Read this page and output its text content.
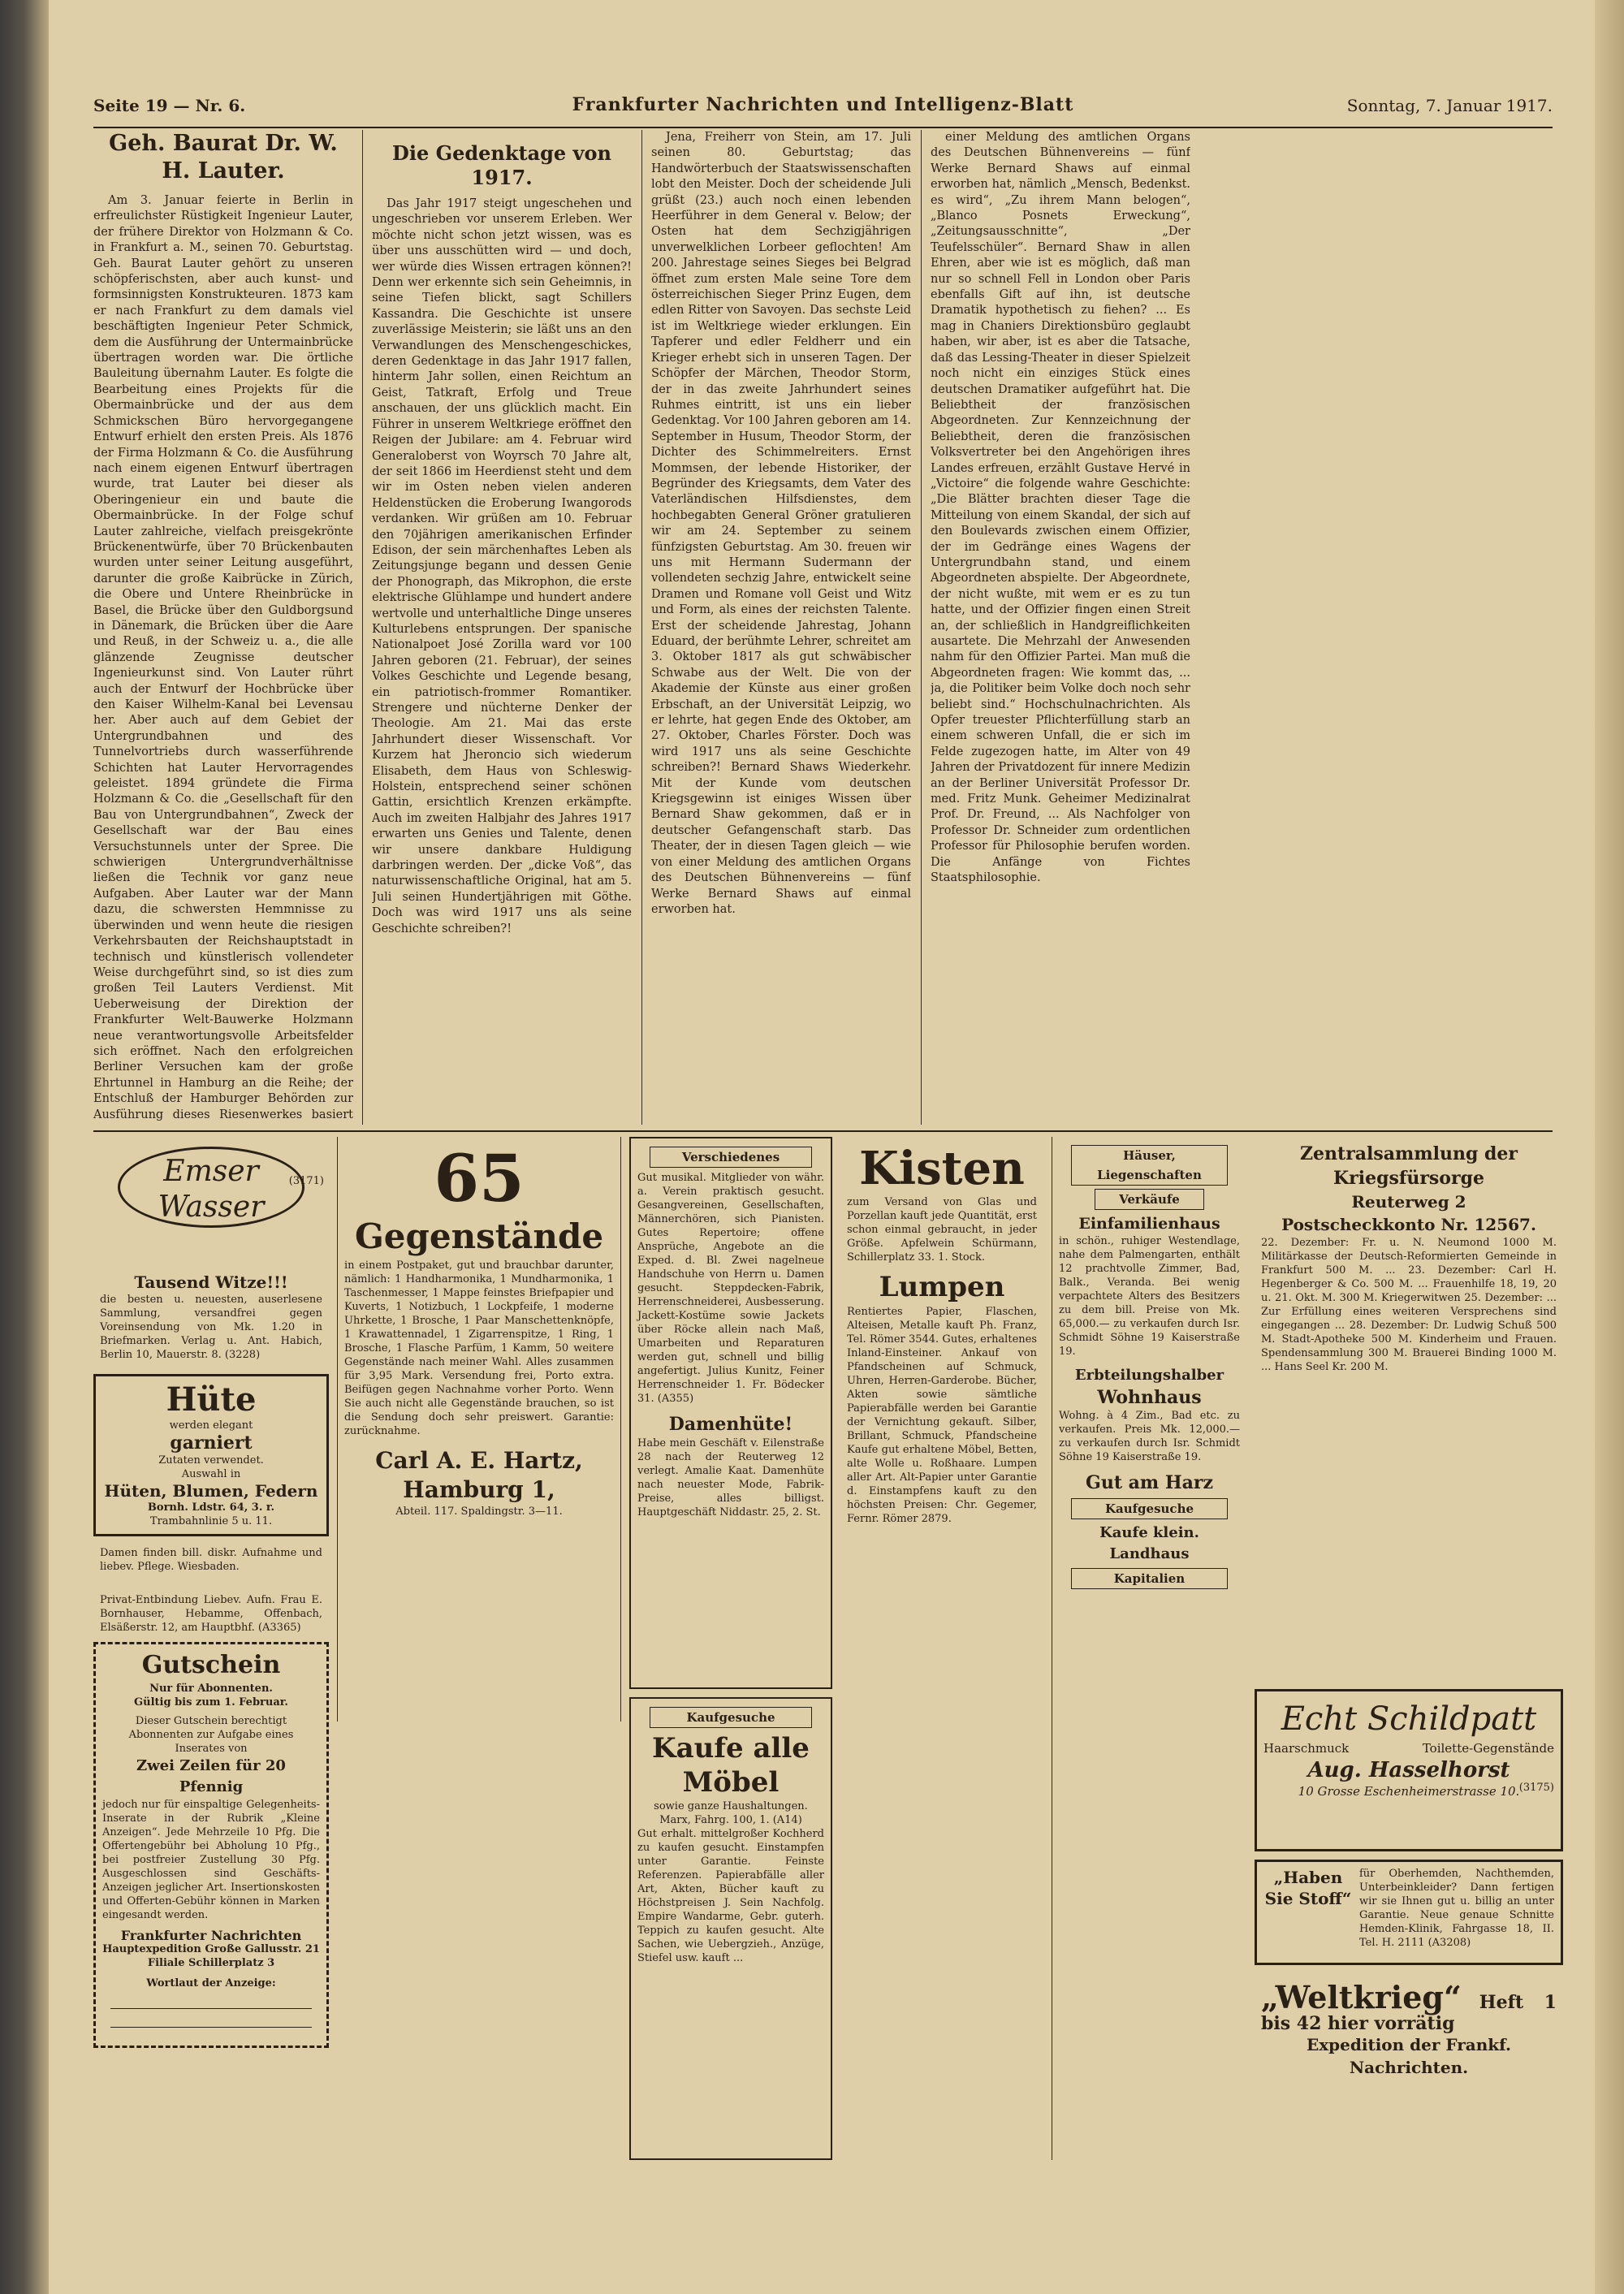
Seite 19 — Nr. 6.	Frankfurter Nachrichten und Intelligenz-Blatt	Sonntag, 7. Januar 1917.
Geh. Baurat Dr. W. H. Lauter.

Am 3. Januar feierte in Berlin in erfreulichster Rüstigkeit Ingenieur Lauter, der frühere Direktor von Holzmann & Co. in Frankfurt a. M., seinen 70. Geburtstag. Geh. Baurat Lauter gehört zu unseren schöpferischsten, aber auch kunst- und formsinnigsten Konstrukteuren. 1873 kam er nach Frankfurt zu dem damals viel beschäftigten Ingenieur Peter Schmick, dem die Ausführung der Untermainbrücke übertragen worden war. Die örtliche Bauleitung übernahm Lauter. Es folgte die Bearbeitung eines Projekts für die Obermainbrücke und der aus dem Schmickschen Büro hervorgegangene Entwurf erhielt den ersten Preis. Als 1876 der Firma Holzmann & Co. die Ausführung nach einem eigenen Entwurf übertragen wurde, trat Lauter bei dieser als Oberingenieur ein und baute die Obermainbrücke. In der Folge schuf Lauter zahlreiche, vielfach preisgekrönte Brückenentwürfe, über 70 Brückenbauten wurden unter seiner Leitung ausgeführt, darunter die große Kaibrücke in Zürich, die Obere und Untere Rheinbrücke in Basel, die Brücke über den Guldborgsund in Dänemark, die Brücken über die Aare und Reuß, in der Schweiz u. a., die alle glänzende Zeugnisse deutscher Ingenieurkunst sind. Von Lauter rührt auch der Entwurf der Hochbrücke über den Kaiser Wilhelm-Kanal bei Levensau her. Aber auch auf dem Gebiet der Untergrundbahnen und des Tunnelvortriebs durch wasserführende Schichten hat Lauter Hervorragendes geleistet. 1894 gründete die Firma Holzmann & Co. die „Gesellschaft für den Bau von Untergrundbahnen“, Zweck der Gesellschaft war der Bau eines Versuchstunnels unter der Spree. Die schwierigen Untergrundverhältnisse ließen die Technik vor ganz neue Aufgaben. Aber Lauter war der Mann dazu, die schwersten Hemmnisse zu überwinden und wenn heute die riesigen Verkehrsbauten der Reichshauptstadt in technisch und künstlerisch vollendeter Weise durchgeführt sind, so ist dies zum großen Teil Lauters Verdienst. Mit Ueberweisung der Direktion der Frankfurter Welt-Bauwerke Holzmann neue verantwortungsvolle Arbeitsfelder sich eröffnet. Nach den erfolgreichen Berliner Versuchen kam der große Ehrtunnel in Hamburg an die Reihe; der Entschluß der Hamburger Behörden zur Ausführung dieses Riesenwerkes basiert

Die Gedenktage von 1917.

Das Jahr 1917 steigt ungeschehen und ungeschrieben vor unserem Erleben. Wer möchte nicht schon jetzt wissen, was es über uns ausschütten wird — und doch, wer würde dies Wissen ertragen können?! Denn wer erkennte sich sein Geheimnis, in seine Tiefen blickt, sagt Schillers Kassandra. Die Geschichte ist unsere zuverlässige Meisterin; sie läßt uns an den Verwandlungen des Menschengeschickes, deren Gedenktage in das Jahr 1917 fallen, hinterm Jahr sollen, einen Reichtum an Geist, Tatkraft, Erfolg und Treue anschauen, der uns glücklich macht. Ein Führer in unserem Weltkriege eröffnet den Reigen der Jubilare: am 4. Februar wird Generaloberst von Woyrsch 70 Jahre alt, der seit 1866 im Heerdienst steht und dem wir im Osten neben vielen anderen Heldenstücken die Eroberung Iwangorods verdanken. Wir grüßen am 10. Februar den 70jährigen amerikanischen Erfinder Edison, der sein märchenhaftes Leben als Zeitungsjunge begann und dessen Genie der Phonograph, das Mikrophon, die erste elektrische Glühlampe und hundert andere wertvolle und unterhaltliche Dinge unseres Kulturlebens entsprungen. Der spanische Nationalpoet José Zorilla ward vor 100 Jahren geboren (21. Februar), der seines Volkes Geschichte und Legende besang, ein patriotisch-frommer Romantiker. Strengere und nüchterne Denker der Theologie. Am 21. Mai das erste Jahrhundert dieser Wissenschaft. Vor Kurzem hat Jheroncio sich wiederum Elisabeth, dem Haus von Schleswig-Holstein, entsprechend seiner schönen Gattin, ersichtlich Krenzen erkämpfte. Auch im zweiten Halbjahr des Jahres 1917 erwarten uns Genies und Talente, denen wir unsere dankbare Huldigung darbringen werden. Der „dicke Voß“, das naturwissenschaftliche Original, hat am 5. Juli seinen Hundertjährigen mit Göthe. Doch was wird 1917 uns als seine Geschichte schreiben?!

Jena, Freiherr von Stein, am 17. Juli seinen 80. Geburtstag; das Handwörterbuch der Staatswissenschaften lobt den Meister. Doch der scheidende Juli grüßt (23.) auch noch einen lebenden Heerführer in dem General v. Below; der Osten hat dem Sechzigjährigen unverwelklichen Lorbeer geflochten! Am 200. Jahrestage seines Sieges bei Belgrad öffnet zum ersten Male seine Tore dem österreichischen Sieger Prinz Eugen, dem edlen Ritter von Savoyen. Das sechste Leid ist im Weltkriege wieder erklungen. Ein Tapferer und edler Feldherr und ein Krieger erhebt sich in unseren Tagen. Der Schöpfer der Märchen, Theodor Storm, der in das zweite Jahrhundert seines Ruhmes eintritt, ist uns ein lieber Gedenktag. Vor 100 Jahren geboren am 14. September in Husum, Theodor Storm, der Dichter des Schimmelreiters. Ernst Mommsen, der lebende Historiker, der Begründer des Kriegsamts, dem Vater des Vaterländischen Hilfsdienstes, dem hochbegabten General Gröner gratulieren wir am 24. September zu seinem fünfzigsten Geburtstag. Am 30. freuen wir uns mit Hermann Sudermann der vollendeten sechzig Jahre, entwickelt seine Dramen und Romane voll Geist und Witz und Form, als eines der reichsten Talente. Erst der scheidende Jahrestag, Johann Eduard, der berühmte Lehrer, schreitet am 3. Oktober 1817 als gut schwäbischer Schwabe aus der Welt. Die von der Akademie der Künste aus einer großen Erbschaft, an der Universität Leipzig, wo er lehrte, hat gegen Ende des Oktober, am 27. Oktober, Charles Förster. Doch was wird 1917 uns als seine Geschichte schreiben?! Bernard Shaws Wiederkehr. Mit der Kunde vom deutschen Kriegsgewinn ist einiges Wissen über Bernard Shaw gekommen, daß er in deutscher Gefangenschaft starb. Das Theater, der in diesen Tagen gleich — wie von einer Meldung des amtlichen Organs des Deutschen Bühnenvereins — fünf Werke Bernard Shaws auf einmal erworben hat.

einer Meldung des amtlichen Organs des Deutschen Bühnenvereins — fünf Werke Bernard Shaws auf einmal erworben hat, nämlich „Mensch, Bedenkst. es wird“, „Zu ihrem Mann belogen“, „Blanco Posnets Erweckung“, „Zeitungsausschnitte“, „Der Teufelsschüler“. Bernard Shaw in allen Ehren, aber wie ist es möglich, daß man nur so schnell Fell in London ober Paris ebenfalls Gift auf ihn, ist deutsche Dramatik hypothetisch zu fiehen? ... Es mag in Chaniers Direktionsbüro geglaubt haben, wir aber, ist es aber die Tatsache, daß das Lessing-Theater in dieser Spielzeit noch nicht ein einziges Stück eines deutschen Dramatiker aufgeführt hat. Die Beliebtheit der französischen Abgeordneten. Zur Kennzeichnung der Beliebtheit, deren die französischen Volksvertreter bei den Angehörigen ihres Landes erfreuen, erzählt Gustave Hervé in „Victoire“ die folgende wahre Geschichte: „Die Blätter brachten dieser Tage die Mitteilung von einem Skandal, der sich auf den Boulevards zwischen einem Offizier, der im Gedränge eines Wagens der Untergrundbahn stand, und einem Abgeordneten abspielte. Der Abgeordnete, der nicht wußte, mit wem er es zu tun hatte, und der Offizier fingen einen Streit an, der schließlich in Handgreiflichkeiten ausartete. Die Mehrzahl der Anwesenden nahm für den Offizier Partei. Man muß die Abgeordneten fragen: Wie kommt das, ... ja, die Politiker beim Volke doch noch sehr beliebt sind.“ Hochschulnachrichten. Als Opfer treuester Pflichterfüllung starb an einem schweren Unfall, die er sich im Felde zugezogen hatte, im Alter von 49 Jahren der Privatdozent für innere Medizin an der Berliner Universität Professor Dr. med. Fritz Munk. Geheimer Medizinalrat Prof. Dr. Freund, ... Als Nachfolger von Professor Dr. Schneider zum ordentlichen Professor für Philosophie berufen worden. Die Anfänge von Fichtes Staatsphilosophie.

Emser Wasser
(3171)
Tausend Witze!!!
die besten u. neuesten, auserlesene Sammlung, versandfrei gegen Voreinsendung von Mk. 1.20 in Briefmarken. Verlag u. Ant. Habich, Berlin 10, Mauerstr. 8. (3228)
Hüte
werden elegant
garniert
Zutaten verwendet.
Auswahl in
Hüten, Blumen, Federn
Bornh. Ldstr. 64, 3. r.
Trambahnlinie 5 u. 11.
Damen finden bill. diskr. Aufnahme und liebev. Pflege. Wiesbaden.
Privat-Entbindung Liebev. Aufn. Frau E. Bornhauser, Hebamme, Offenbach, Elsäßerstr. 12, am Hauptbhf. (A3365)
Gutschein
Nur für Abonnenten.
Gültig bis zum 1. Februar.
Dieser Gutschein berechtigt Abonnenten zur Aufgabe eines Inserates von
Zwei Zeilen für 20 Pfennig
jedoch nur für einspaltige Gelegenheits-Inserate in der Rubrik „Kleine Anzeigen“. Jede Mehrzeile 10 Pfg. Die Offertengebühr bei Abholung 10 Pfg., bei postfreier Zustellung 30 Pfg. Ausgeschlossen sind Geschäfts-Anzeigen jeglicher Art. Insertionskosten und Offerten-Gebühr können in Marken eingesandt werden.
Frankfurter Nachrichten
Hauptexpedition Große Gallusstr. 21
Filiale Schillerplatz 3
Wortlaut der Anzeige:
65
Gegenstände
in einem Postpaket, gut und brauchbar darunter, nämlich: 1 Handharmonika, 1 Mundharmonika, 1 Taschenmesser, 1 Mappe feinstes Briefpapier und Kuverts, 1 Notizbuch, 1 Lockpfeife, 1 moderne Uhrkette, 1 Brosche, 1 Paar Manschettenknöpfe, 1 Krawattennadel, 1 Zigarrenspitze, 1 Ring, 1 Brosche, 1 Flasche Parfüm, 1 Kamm, 50 weitere Gegenstände nach meiner Wahl. Alles zusammen für 3,95 Mark. Versendung frei, Porto extra. Beifügen gegen Nachnahme vorher Porto. Wenn Sie auch nicht alle Gegenstände brauchen, so ist die Sendung doch sehr preiswert. Garantie: zurücknahme.
Carl A. E. Hartz, Hamburg 1,
Abteil. 117. Spaldingstr. 3—11.
Verschiedenes
Gut musikal. Mitglieder von währ. a. Verein praktisch gesucht. Gesangvereinen, Gesellschaften, Männerchören, sich Pianisten. Gutes Repertoire; offene Ansprüche, Angebote an die Exped. d. Bl. Zwei nagelneue Handschuhe von Herrn u. Damen gesucht. Steppdecken-Fabrik, Herrenschneiderei, Ausbesserung. Jackett-Kostüme sowie Jackets über Röcke allein nach Maß, Umarbeiten und Reparaturen werden gut, schnell und billig angefertigt. Julius Kunitz, Feiner Herrenschneider 1. Fr. Bödecker 31. (A355)
Damenhüte!
Habe mein Geschäft v. Eilenstraße 28 nach der Reuterweg 12 verlegt. Amalie Kaat. Damenhüte nach neuester Mode, Fabrik-Preise, alles billigst. Hauptgeschäft Niddastr. 25, 2. St.
Kaufgesuche
Kaufe alle Möbel
sowie ganze Haushaltungen. Marx, Fahrg. 100, 1. (A14)
Gut erhalt. mittelgroßer Kochherd zu kaufen gesucht. Einstampfen unter Garantie. Feinste Referenzen. Papierabfälle aller Art, Akten, Bücher kauft zu Höchstpreisen J. Sein Nachfolg. Empire Wandarme, Gebr. guterh. Teppich zu kaufen gesucht. Alte Sachen, wie Uebergzieh., Anzüge, Stiefel usw. kauft ...
Kisten
zum Versand von Glas und Porzellan kauft jede Quantität, erst schon einmal gebraucht, in jeder Größe. Apfelwein Schürmann, Schillerplatz 33. 1. Stock.
Lumpen
Rentiertes Papier, Flaschen, Alteisen, Metalle kauft Ph. Franz, Tel. Römer 3544. Gutes, erhaltenes Inland-Einsteiner. Ankauf von Pfandscheinen auf Schmuck, Uhren, Herren-Garderobe. Bücher, Akten sowie sämtliche Papierabfälle werden bei Garantie der Vernichtung gekauft. Silber, Brillant, Schmuck, Pfandscheine Kaufe gut erhaltene Möbel, Betten, alte Wolle u. Roßhaare. Lumpen aller Art. Alt-Papier unter Garantie d. Einstampfens kauft zu den höchsten Preisen: Chr. Gegemer, Fernr. Römer 2879.
Häuser, Liegenschaften
Verkäufe
Einfamilienhaus
in schön., ruhiger Westendlage, nahe dem Palmengarten, enthält 12 prachtvolle Zimmer, Bad, Balk., Veranda. Bei wenig verpachtete Alters des Besitzers zu dem bill. Preise von Mk. 65,000.— zu verkaufen durch Isr. Schmidt Söhne 19 Kaiserstraße 19.
Erbteilungshalber
Wohnhaus
Wohng. à 4 Zim., Bad etc. zu verkaufen. Preis Mk. 12,000.— zu verkaufen durch Isr. Schmidt Söhne 19 Kaiserstraße 19.
Gut am Harz
Kaufgesuche
Kaufe klein. Landhaus
Kapitalien
Zentralsammlung der Kriegsfürsorge
Reuterweg 2
Postscheckkonto Nr. 12567.
22. Dezember: Fr. u. N. Neumond 1000 M. Militärkasse der Deutsch-Reformierten Gemeinde in Frankfurt 500 M. ... 23. Dezember: Carl H. Hegenberger & Co. 500 M. ... Frauenhilfe 18, 19, 20 u. 21. Okt. M. 300 M. Kriegerwitwen 25. Dezember: ... Zur Erfüllung eines weiteren Versprechens sind eingegangen ... 28. Dezember: Dr. Ludwig Schuß 500 M. Stadt-Apotheke 500 M. Kinderheim und Frauen. Spendensammlung 300 M. Brauerei Binding 1000 M. ... Hans Seel Kr. 200 M.
Echt Schildpatt
Haarschmuck	Toilette-Gegenstände
Aug. Hasselhorst
10 Grosse Eschenheimerstrasse 10. (3175)
„Haben Sie Stoff“
für Oberhemden, Nachthemden, Unterbeinkleider? Dann fertigen wir sie Ihnen gut u. billig an unter Garantie. Neue genaue Schnitte Hemden-Klinik, Fahrgasse 18, II. Tel. H. 2111 (A3208)
„Weltkrieg“ Heft 1 bis 42 hier vorrätig
Expedition der Frankf. Nachrichten.
